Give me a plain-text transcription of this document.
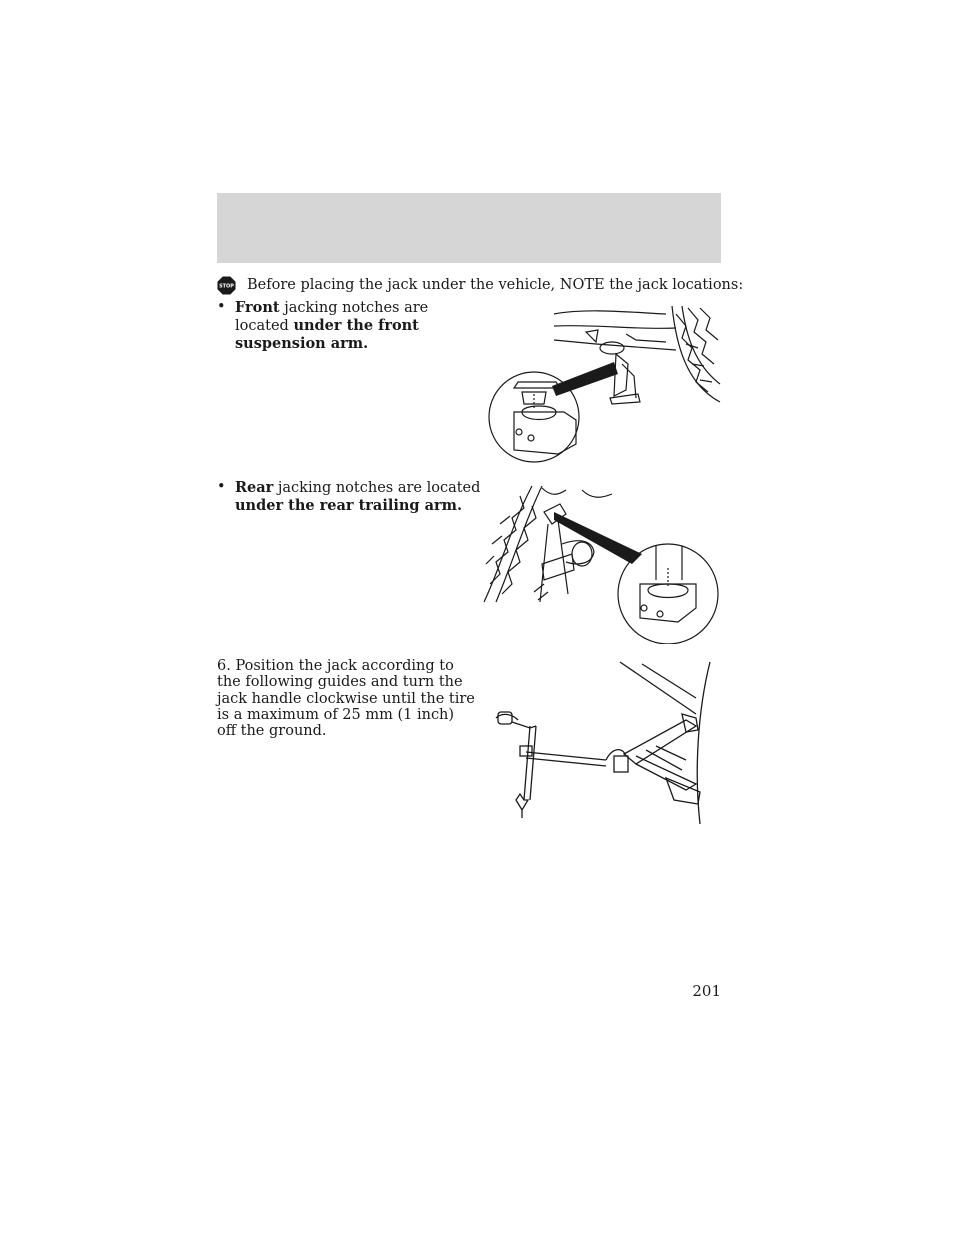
STOP Before placing the jack under the vehicle, NOTE the jack locations:
• Front jacking notches are located under the front suspension arm.
• Rear jacking notches are located under the rear trailing arm.
6. Position the jack according to the following guides and turn the jack handle clockwise until the tire is a maximum of 25 mm (1 inch) off the ground.
201
